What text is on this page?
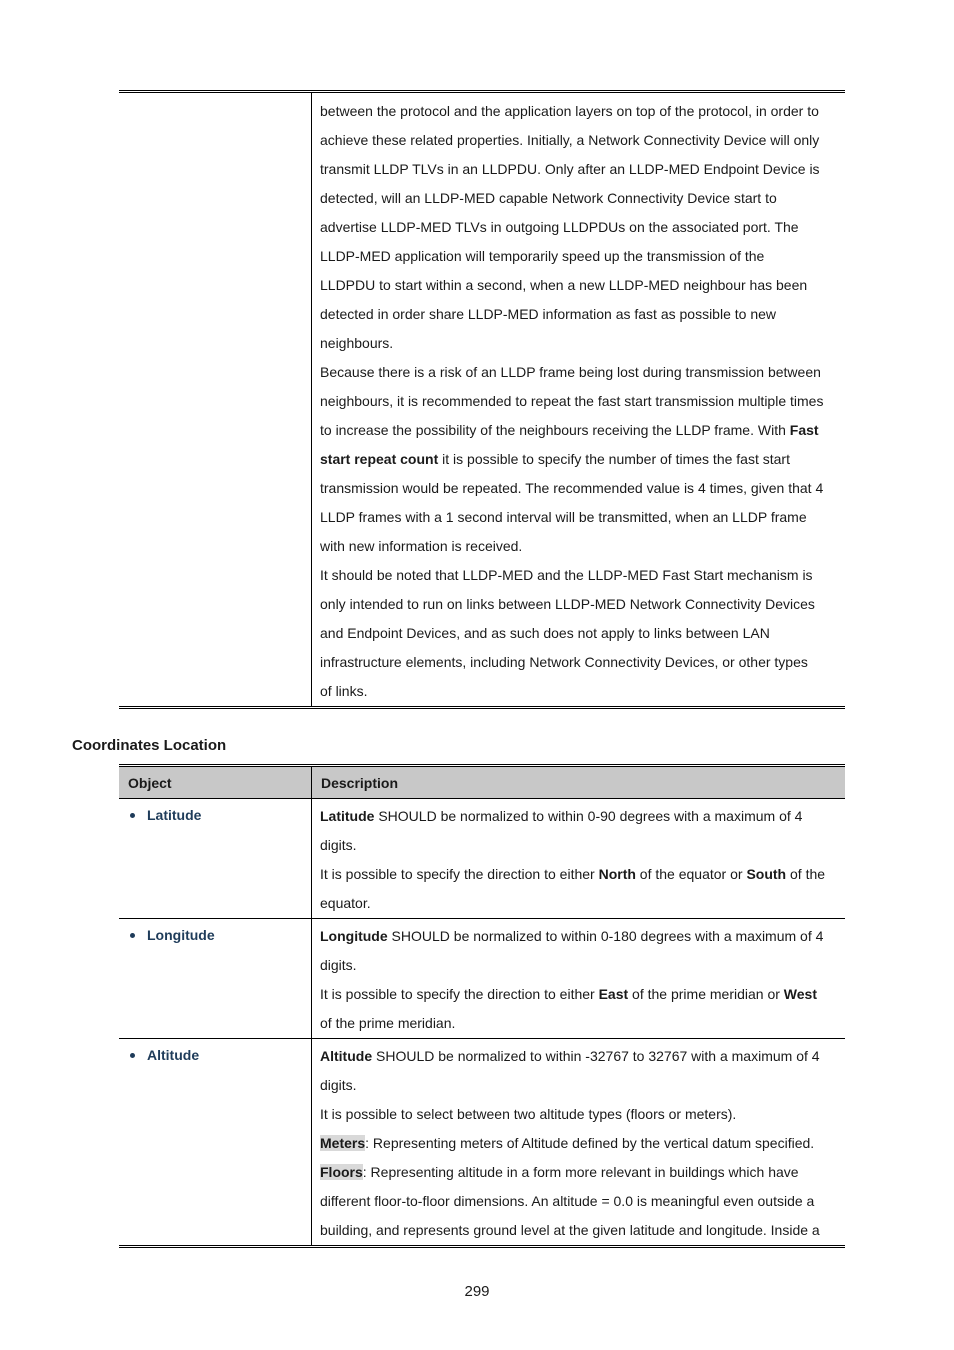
between the protocol and the application layers on top of the protocol, in order to
achieve these related properties. Initially, a Network Connectivity Device will only
transmit LLDP TLVs in an LLDPDU. Only after an LLDP-MED Endpoint Device is
detected, will an LLDP-MED capable Network Connectivity Device start to
advertise LLDP-MED TLVs in outgoing LLDPDUs on the associated port. The
LLDP-MED application will temporarily speed up the transmission of the
LLDPDU to start within a second, when a new LLDP-MED neighbour has been
detected in order share LLDP-MED information as fast as possible to new
neighbours.

Because there is a risk of an LLDP frame being lost during transmission between
neighbours, it is recommended to repeat the fast start transmission multiple times
to increase the possibility of the neighbours receiving the LLDP frame. With Fast
start repeat count it is possible to specify the number of times the fast start
transmission would be repeated. The recommended value is 4 times, given that 4
LLDP frames with a 1 second interval will be transmitted, when an LLDP frame
with new information is received.

It should be noted that LLDP-MED and the LLDP-MED Fast Start mechanism is
only intended to run on links between LLDP-MED Network Connectivity Devices
and Endpoint Devices, and as such does not apply to links between LAN
infrastructure elements, including Network Connectivity Devices, or other types
of links.

Coordinates Location
Object	Description
Latitude	Latitude SHOULD be normalized to within 0-90 degrees with a maximum of 4
digits.
It is possible to specify the direction to either North of the equator or South of the
equator.

Longitude	Longitude SHOULD be normalized to within 0-180 degrees with a maximum of 4
digits.
It is possible to specify the direction to either East of the prime meridian or West
of the prime meridian.

Altitude	Altitude SHOULD be normalized to within -32767 to 32767 with a maximum of 4
digits.
It is possible to select between two altitude types (floors or meters).
Meters: Representing meters of Altitude defined by the vertical datum specified.
Floors: Representing altitude in a form more relevant in buildings which have
different floor-to-floor dimensions. An altitude = 0.0 is meaningful even outside a
building, and represents ground level at the given latitude and longitude. Inside a

299
